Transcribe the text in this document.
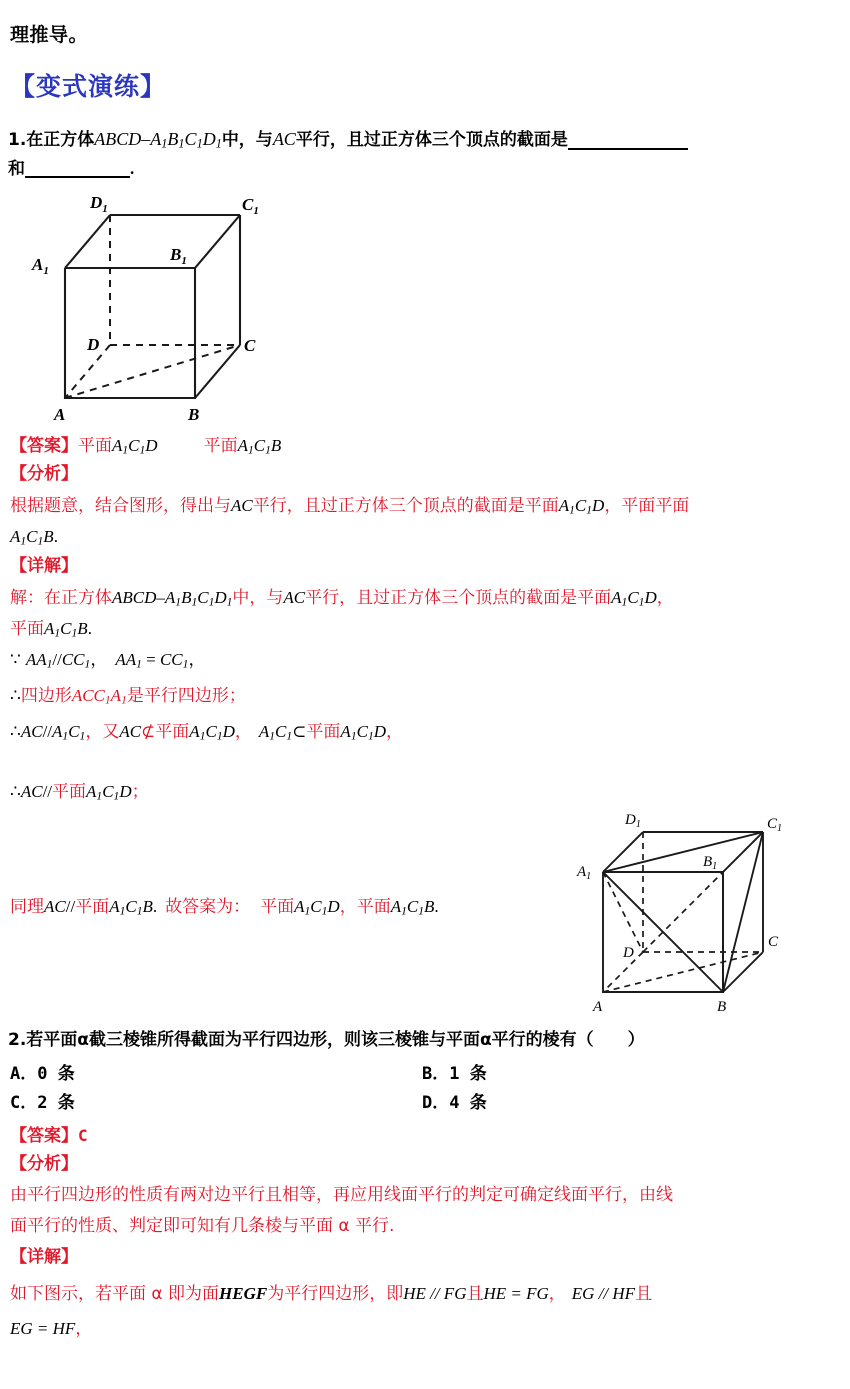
理推导。
【变式演练】
1.在正方体ABCD–$A_1B_1C_1D_1$中，与AC平行，且过正方体三个顶点的截面是
和	.
$D_1$	$C_1$
$A_1$
$B_1$
D	C
A	B
【答案】平面$A_1C_1D$	平面$A_1C_1B$
【分析】
根据题意，结合图形，得出与AC平行，且过正方体三个顶点的截面是平面$A_1C_1D$，平面平面
$A_1C_1B$.
【详解】
解：在正方体ABCD–$A_1B_1C_1D_1$中，与AC平行，且过正方体三个顶点的截面是平面$A_1C_1D$，
平面$A_1C_1B$.
∵ $AA_1//CC_1$， $AA_1 = CC_1$，
∴四边形$ACC_1A_1$是平行四边形；
$\therefore AC//A_1C_1$，又AC⊄平面$A_1C_1D$， $A_1C_1\subset$平面$A_1C_1D$，
∴AC//平面$A_1C_1D$；
$D_1$	$C_1$
$A_1$
$B_1$
D
C
A	B
同理AC//平面$A_1C_1B$. 故答案为： 平面$A_1C_1D$，平面$A_1C_1B$.
2.若平面α截三棱锥所得截面为平行四边形，则该三棱锥与平面α平行的棱有（　　）
A．0 条	B．1 条
C．2 条	D．4 条
【答案】C
【分析】
由平行四边形的性质有两对边平行且相等，再应用线面平行的判定可确定线面平行，由线
面平行的性质、判定即可知有几条棱与平面 α 平行.
【详解】
如下图示，若平面 α 即为面HEGF为平行四边形，即HE // FG且HE = FG， EG // HF且
EG = HF，
